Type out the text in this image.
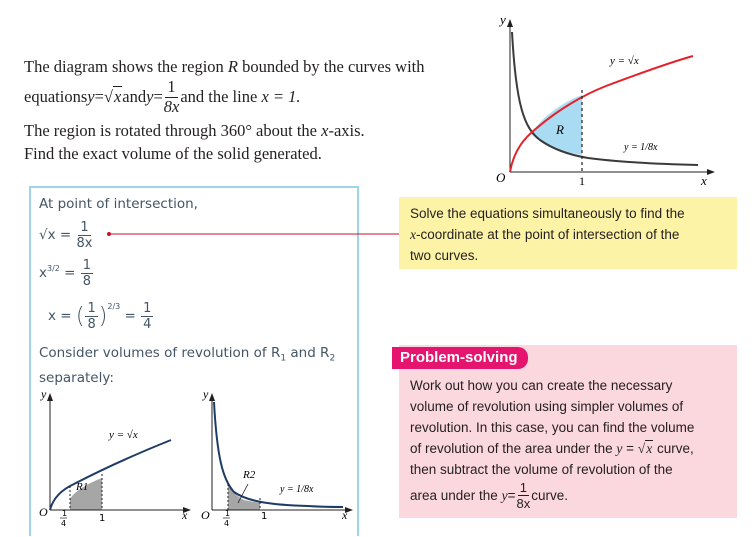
The diagram shows the region R bounded by the curves with
equations y = √x and $y = \frac{1}{8x}$ and the line
x = 1.
The region is rotated through 360° about the x-axis.
Find the exact volume of the solid generated.
y
x
O	1
R
y = √x
y = 1/8x
At point of intersection,
√x =
$\frac{1}{8x}$
$x^{3/2}$
=
$\frac{1}{8}$
x =
( $\frac{1}{8} )^{2/3}$

=
$\frac{1}{4}$
Consider volumes of revolution of $R_1$ and $R_2$
separately:
y
x
O 1
4	1
R1
y = √x
y
x
O 1
4
1
R2
y = 1/8x
Solve the equations simultaneously to find the
x-coordinate at the point of intersection of the
two curves.
Problem-solving
Work out how you can create the necessary
volume of revolution using simpler volumes of
revolution. In this case, you can find the volume
of revolution of the area under the y = √x curve,
then subtract the volume of revolution of the
area under the
$y = \frac{1}{8x}$ curve.
